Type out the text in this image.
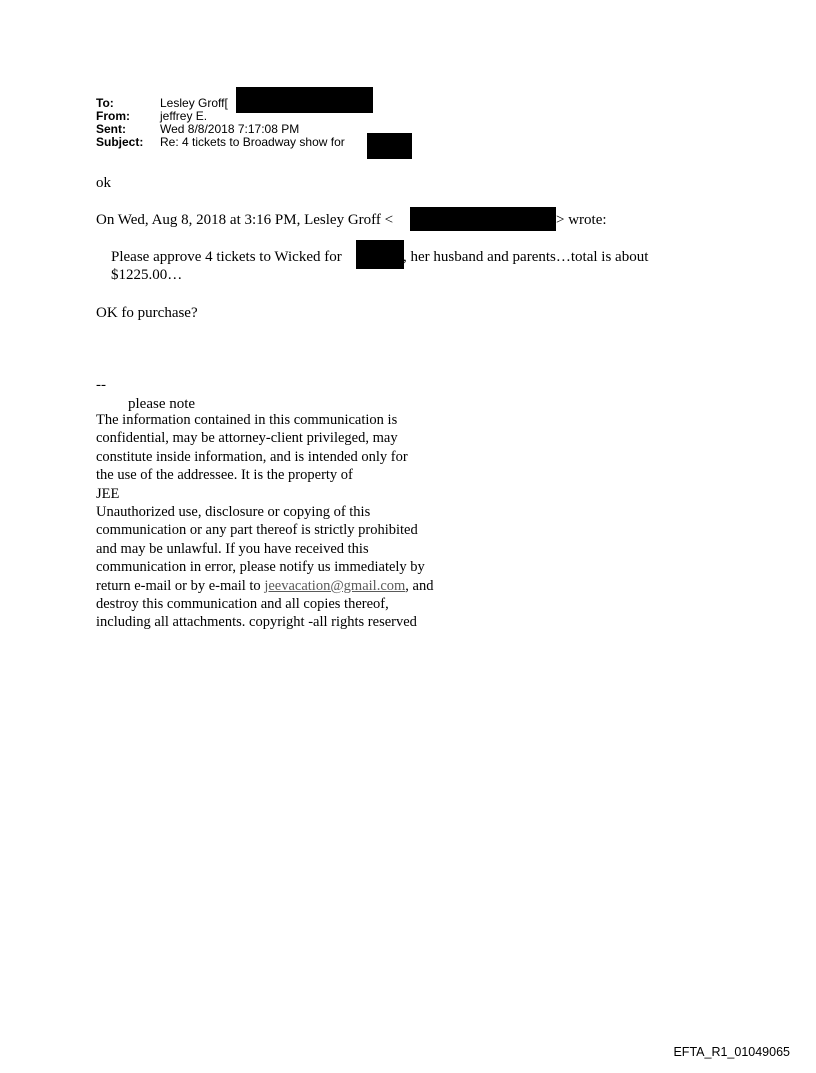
To:	Lesley Groff[
From:	jeffrey E.
Sent:	Wed 8/8/2018 7:17:08 PM
Subject: Re: 4 tickets to Broadway show for
ok
On Wed, Aug 8, 2018 at 3:16 PM, Lesley Groff <	> wrote:
Please approve 4 tickets to Wicked for	, her husband and parents…total is about
$1225.00…
OK fo purchase?
--
please note
The information contained in this communication is
confidential, may be attorney-client privileged, may
constitute inside information, and is intended only for
the use of the addressee. It is the property of
JEE
Unauthorized use, disclosure or copying of this
communication or any part thereof is strictly prohibited
and may be unlawful. If you have received this
communication in error, please notify us immediately by
return e-mail or by e-mail to jeevacation@gmail.com, and
destroy this communication and all copies thereof,
including all attachments. copyright -all rights reserved
EFTA_R1_01049065
